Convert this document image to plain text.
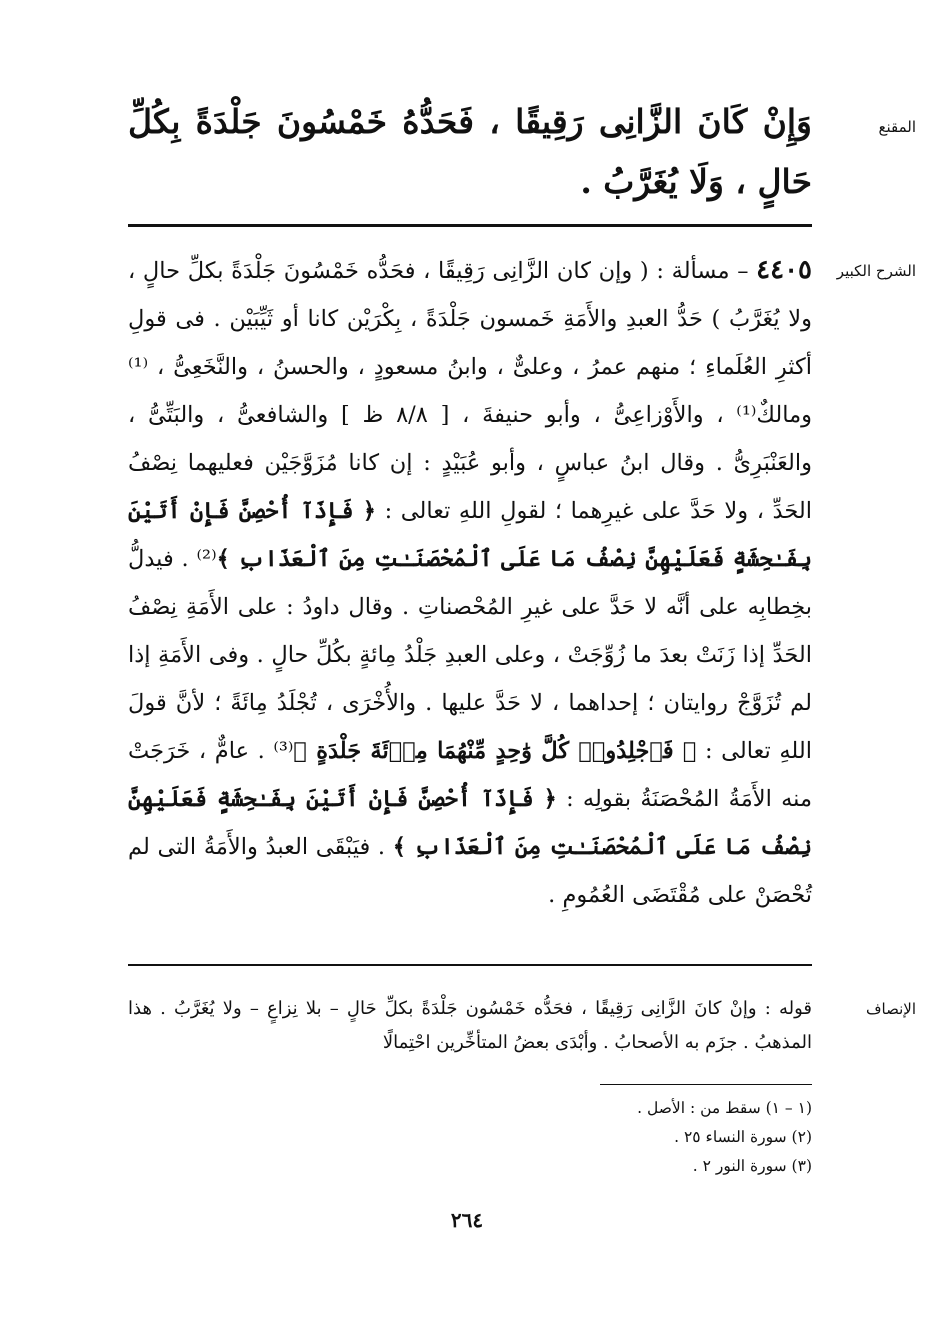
المقنع
وَإِنْ كَانَ الزَّانِى رَقِيقًا ، فَحَدُّهُ خَمْسُونَ جَلْدَةً بِكُلِّ حَالٍ ، وَلَا يُغَرَّبُ .
الشرح الكبير
٤٤٠٥ – مسألة : ( وإن كان الزَّانِى رَقِيقًا ، فحَدُّه خَمْسُونَ جَلْدَةً بكلِّ حالٍ ، ولا يُغَرَّبُ ) حَدُّ العبدِ والأَمَةِ خَمسون جَلْدَةً ، بِكْرَيْن كانا أو ثَيِّبَيْن . فى قولِ أكثرِ العُلَماءِ ؛ منهم عمرُ ، وعلىٌّ ، وابنُ مسعودٍ ، والحسنُ ، والنَّخَعِىُّ ، ⁽¹⁾ومالكٌ⁽¹⁾ ، والأَوْزاعِىُّ ، وأبو حنيفةَ ، [ ٨/٨ ظ ] والشافعىُّ ، والبَتِّىُّ ، والعَنْبَرِىُّ . وقال ابنُ عباسٍ ، وأبو عُبَيْدٍ : إن كانا مُزَوَّجَيْن فعليهما نِصْفُ الحَدِّ ، ولا حَدَّ على غيرِهما ؛ لقولِ اللهِ تعالى : ﴿ فَإِذَآ أُحْصِنَّ فَإِنْ أَتَيْنَ بِفَـٰحِشَةٍ فَعَلَيْهِنَّ نِصْفُ مَا عَلَى ٱلْمُحْصَنَـٰتِ مِنَ ٱلْعَذَابِ ﴾⁽²⁾ . فيدلُّ بخِطابِه على أنَّه لا حَدَّ على غيرِ المُحْصناتِ . وقال داودُ : على الأَمَةِ نِصْفُ الحَدِّ إذا زَنَتْ بعدَ ما زُوِّجَتْ ، وعلى العبدِ جَلْدُ مِائةٍ بكُلِّ حالٍ . وفى الأَمَةِ إذا لم تُزَوَّجْ روايتان ؛ إحداهما ، لا حَدَّ عليها . والأُخْرَى ، تُجْلَدُ مِائَةً ؛ لأنَّ قولَ اللهِ تعالى : ﴿ فَٱجْلِدُوا۟ كُلَّ وَٰحِدٍ مِّنْهُمَا مِا۟ئَةَ جَلْدَةٍ ﴾⁽³⁾ . عامٌّ ، خَرَجَتْ منه الأَمَةُ المُحْصَنَةُ بقولِه : ﴿ فَإِذَآ أُحْصِنَّ فَإِنْ أَتَيْنَ بِفَـٰحِشَةٍ فَعَلَيْهِنَّ نِصْفُ مَا عَلَى ٱلْمُحْصَنَـٰتِ مِنَ ٱلْعَذَابِ ﴾ . فيَبْقَى العبدُ والأَمَةُ التى لم تُحْصَنْ على مُقْتَضَى العُمُومِ .
الإنصاف
قوله : وإنْ كانَ الزَّانِى رَقِيقًا ، فحَدُّه خَمْسُون جَلْدَةً بكلِّ حَالٍ – بلا نِزاعٍ – ولا يُغَرَّبُ . هذا المذهبُ . جزَم به الأصحابُ . وأبْدَى بعضُ المتأخِّرين احْتِمالًا
(١ – ١) سقط من : الأصل .
(٢) سورة النساء ٢٥ .
(٣) سورة النور ٢ .
٢٦٤
